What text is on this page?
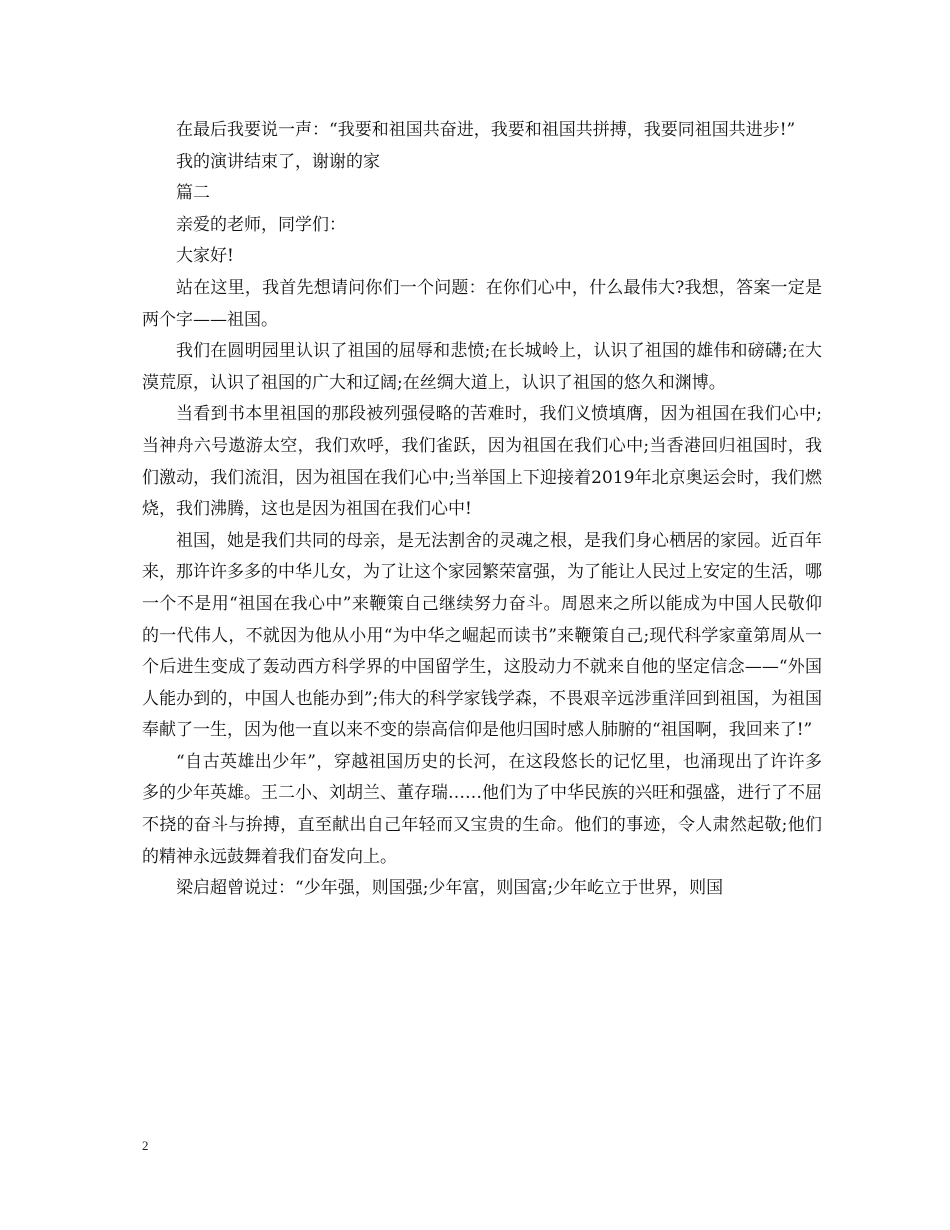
在最后我要说一声：“我要和祖国共奋进，我要和祖国共拼搏，我要同祖国共进步!”

我的演讲结束了，谢谢的家

篇二

亲爱的老师，同学们：

大家好!

站在这里，我首先想请问你们一个问题：在你们心中，什么最伟大?我想，答案一定是两个字——祖国。

我们在圆明园里认识了祖国的屈辱和悲愤;在长城岭上，认识了祖国的雄伟和磅礴;在大漠荒原，认识了祖国的广大和辽阔;在丝绸大道上，认识了祖国的悠久和渊博。

当看到书本里祖国的那段被列强侵略的苦难时，我们义愤填膺，因为祖国在我们心中;当神舟六号遨游太空，我们欢呼，我们雀跃，因为祖国在我们心中;当香港回归祖国时，我们激动，我们流泪，因为祖国在我们心中;当举国上下迎接着2019年北京奥运会时，我们燃烧，我们沸腾，这也是因为祖国在我们心中!

祖国，她是我们共同的母亲，是无法割舍的灵魂之根，是我们身心栖居的家园。近百年来，那许许多多的中华儿女，为了让这个家园繁荣富强，为了能让人民过上安定的生活，哪一个不是用“祖国在我心中”来鞭策自己继续努力奋斗。周恩来之所以能成为中国人民敬仰的一代伟人，不就因为他从小用“为中华之崛起而读书”来鞭策自己;现代科学家童第周从一个后进生变成了轰动西方科学界的中国留学生，这股动力不就来自他的坚定信念——“外国人能办到的，中国人也能办到”;伟大的科学家钱学森，不畏艰辛远涉重洋回到祖国，为祖国奉献了一生，因为他一直以来不变的崇高信仰是他归国时感人肺腑的“祖国啊，我回来了!”

“自古英雄出少年”，穿越祖国历史的长河，在这段悠长的记忆里，也涌现出了许许多多的少年英雄。王二小、刘胡兰、董存瑞……他们为了中华民族的兴旺和强盛，进行了不屈不挠的奋斗与拚搏，直至献出自己年轻而又宝贵的生命。他们的事迹，令人肃然起敬;他们的精神永远鼓舞着我们奋发向上。

梁启超曾说过：“少年强，则国强;少年富，则国富;少年屹立于世界，则国

2
